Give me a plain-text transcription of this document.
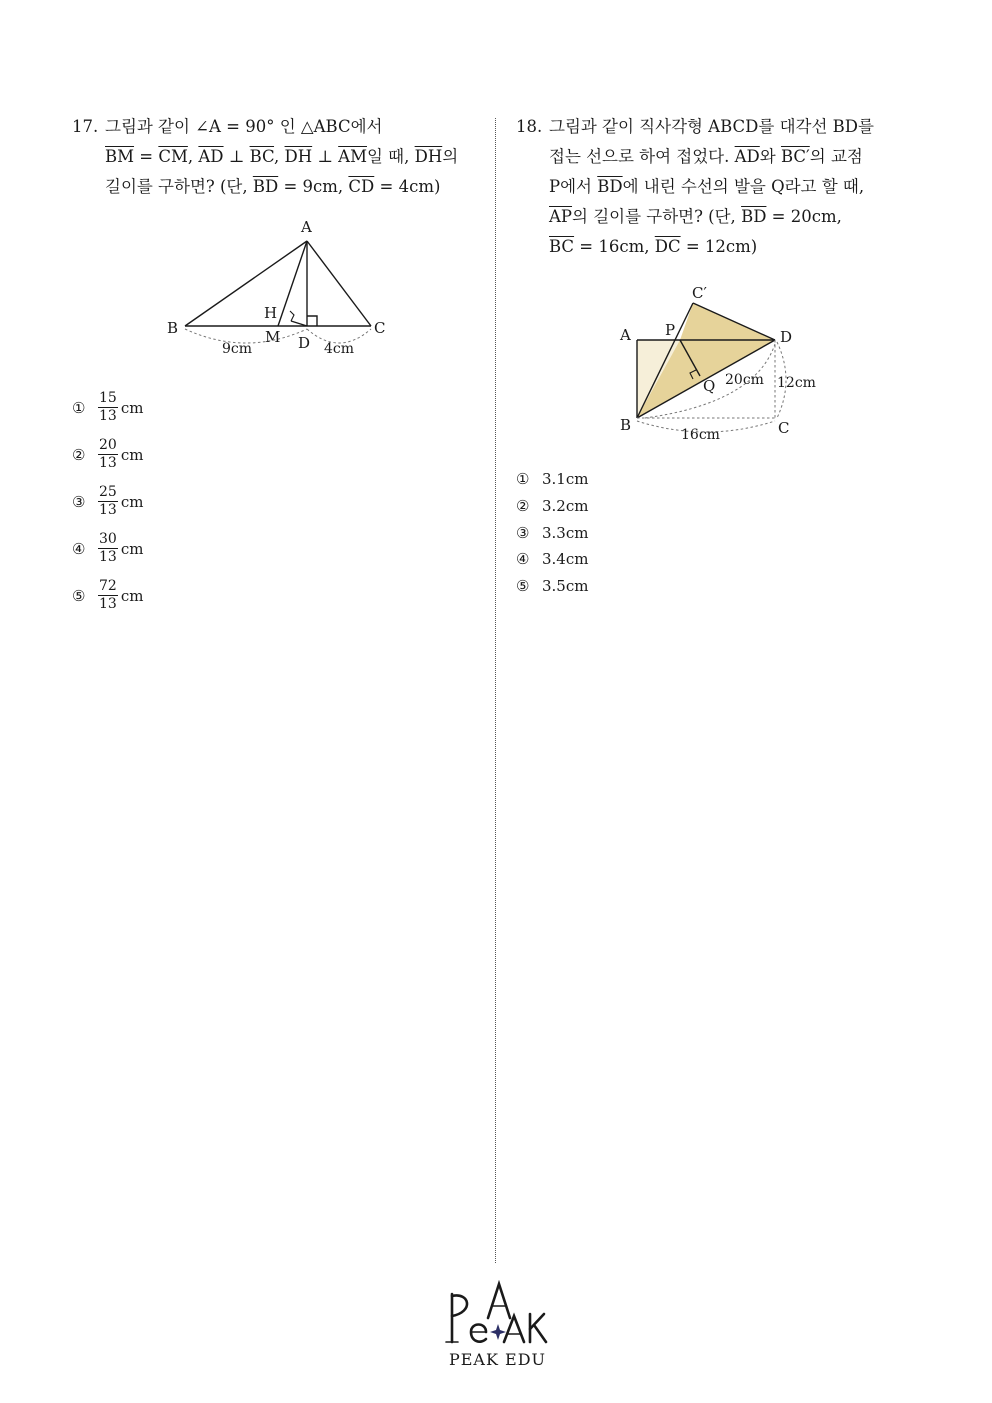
17. 그림과 같이 ∠A = 90° 인 △ABC에서
$\overline{BM} = \overline{CM}$, $\overline{AD}$ ⊥ $\overline{BC}$, $\overline{DH}$ ⊥ $\overline{AM}$일 때, $\overline{DH}$의
길이를 구하면? (단, $\overline{BD} = 9cm$, $\overline{CD} = 4cm$)
A
B	C
D
H
M
9cm	4cm
① $\frac{15}{13}$ cm
② $\frac{20}{13}$ cm
③ $\frac{25}{13}$ cm
④ $\frac{30}{13}$ cm
⑤ $\frac{72}{13}$ cm
18. 그림과 같이 직사각형 ABCD를 대각선 BD를
접는 선으로 하여 접었다. $\overline{AD}$와 BC′의 교점
P에서 $\overline{BD}$에 내린 수선의 발을 Q라고 할 때,
$\overline{AP}$의 길이를 구하면? (단, $\overline{BD} = 20cm$,
$\overline{BC} = 16cm$, $\overline{DC} = 12cm$)
C′
A P	D
Q 20cm 12cm
B	C
16cm
① 3.1cm
② 3.2cm
③ 3.3cm
④ 3.4cm
⑤ 3.5cm
PEAK EDU
